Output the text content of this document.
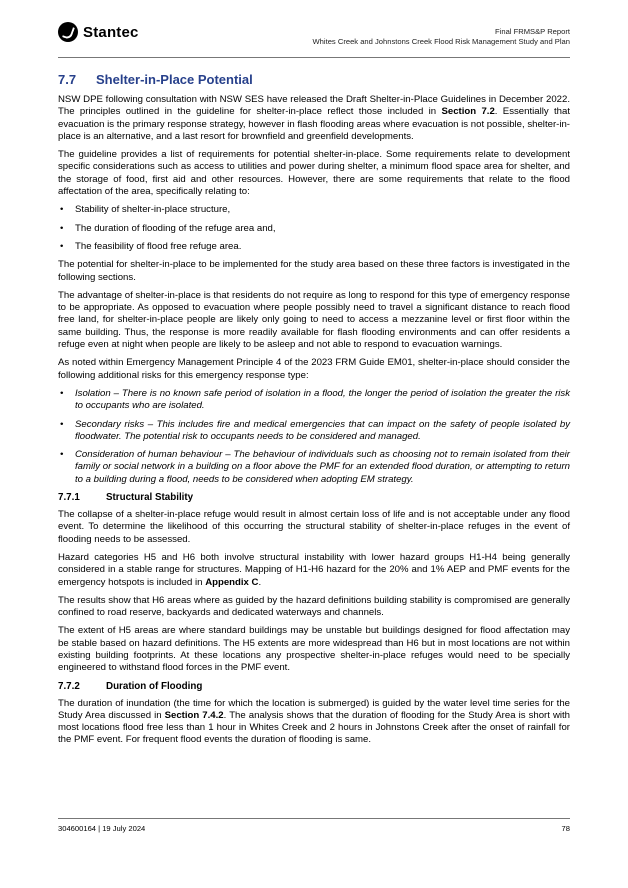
Stantec	Final FRMS&P Report
Whites Creek and Johnstons Creek Flood Risk Management Study and Plan
7.7 Shelter-in-Place Potential

NSW DPE following consultation with NSW SES have released the Draft Shelter-in-Place Guidelines in December 2022. The principles outlined in the guideline for shelter-in-place reflect those included in Section 7.2. Essentially that evacuation is the primary response strategy, however in flash flooding areas where evacuation is not possible, shelter-in-place is an alternative, and a last resort for brownfield and greenfield developments.

The guideline provides a list of requirements for potential shelter-in-place. Some requirements relate to development specific considerations such as access to utilities and power during shelter, a minimum flood space area for shelter, and the storage of food, first aid and other resources. However, there are some requirements that relate to the flood affectation of the area, specifically relating to:

• Stability of shelter-in-place structure,
• The duration of flooding of the refuge area and,
• The feasibility of flood free refuge area.

The potential for shelter-in-place to be implemented for the study area based on these three factors is investigated in the following sections.

The advantage of shelter-in-place is that residents do not require as long to respond for this type of emergency response to be appropriate. As opposed to evacuation where people possibly need to travel a significant distance to reach flood free land, for shelter-in-place people are likely only going to need to access a mezzanine level or first floor within the same building. Thus, the response is more readily available for flash flooding environments and can offer residents a refuge even at night when people are likely to be asleep and not able to respond to evacuation warnings.

As noted within Emergency Management Principle 4 of the 2023 FRM Guide EM01, shelter-in-place should consider the following additional risks for this emergency response type:

• Isolation – There is no known safe period of isolation in a flood, the longer the period of isolation the greater the risk to occupants who are isolated.
• Secondary risks – This includes fire and medical emergencies that can impact on the safety of people isolated by floodwater. The potential risk to occupants needs to be considered and managed.
• Consideration of human behaviour – The behaviour of individuals such as choosing not to remain isolated from their family or social network in a building on a floor above the PMF for an extended flood duration, or attempting to return to a building during a flood, needs to be considered when adopting EM strategy.
7.7.1	Structural Stability

The collapse of a shelter-in-place refuge would result in almost certain loss of life and is not acceptable under any flood event. To determine the likelihood of this occurring the structural stability of shelter-in-place refuges in the event of flooding needs to be assessed.

Hazard categories H5 and H6 both involve structural instability with lower hazard groups H1-H4 being generally considered in a stable range for structures. Mapping of H1-H6 hazard for the 20% and 1% AEP and PMF events for the emergency hotspots is included in Appendix C.

The results show that H6 areas where as guided by the hazard definitions building stability is compromised are generally confined to road reserve, backyards and dedicated waterways and channels.

The extent of H5 areas are where standard buildings may be unstable but buildings designed for flood affectation may be stable based on hazard definitions. The H5 extents are more widespread than H6 but in most locations are not within existing building footprints. At these locations any prospective shelter-in-place refuges would need to be specially engineered to withstand flood forces in the PMF event.

7.7.2	Duration of Flooding

The duration of inundation (the time for which the location is submerged) is guided by the water level time series for the Study Area discussed in Section 7.4.2. The analysis shows that the duration of flooding for the Study Area is short with most locations flood free less than 1 hour in Whites Creek and 2 hours in Johnstons Creek after the onset of rainfall for the PMF event. For frequent flood events the duration of flooding is same.

304600164 | 19 July 2024	78
